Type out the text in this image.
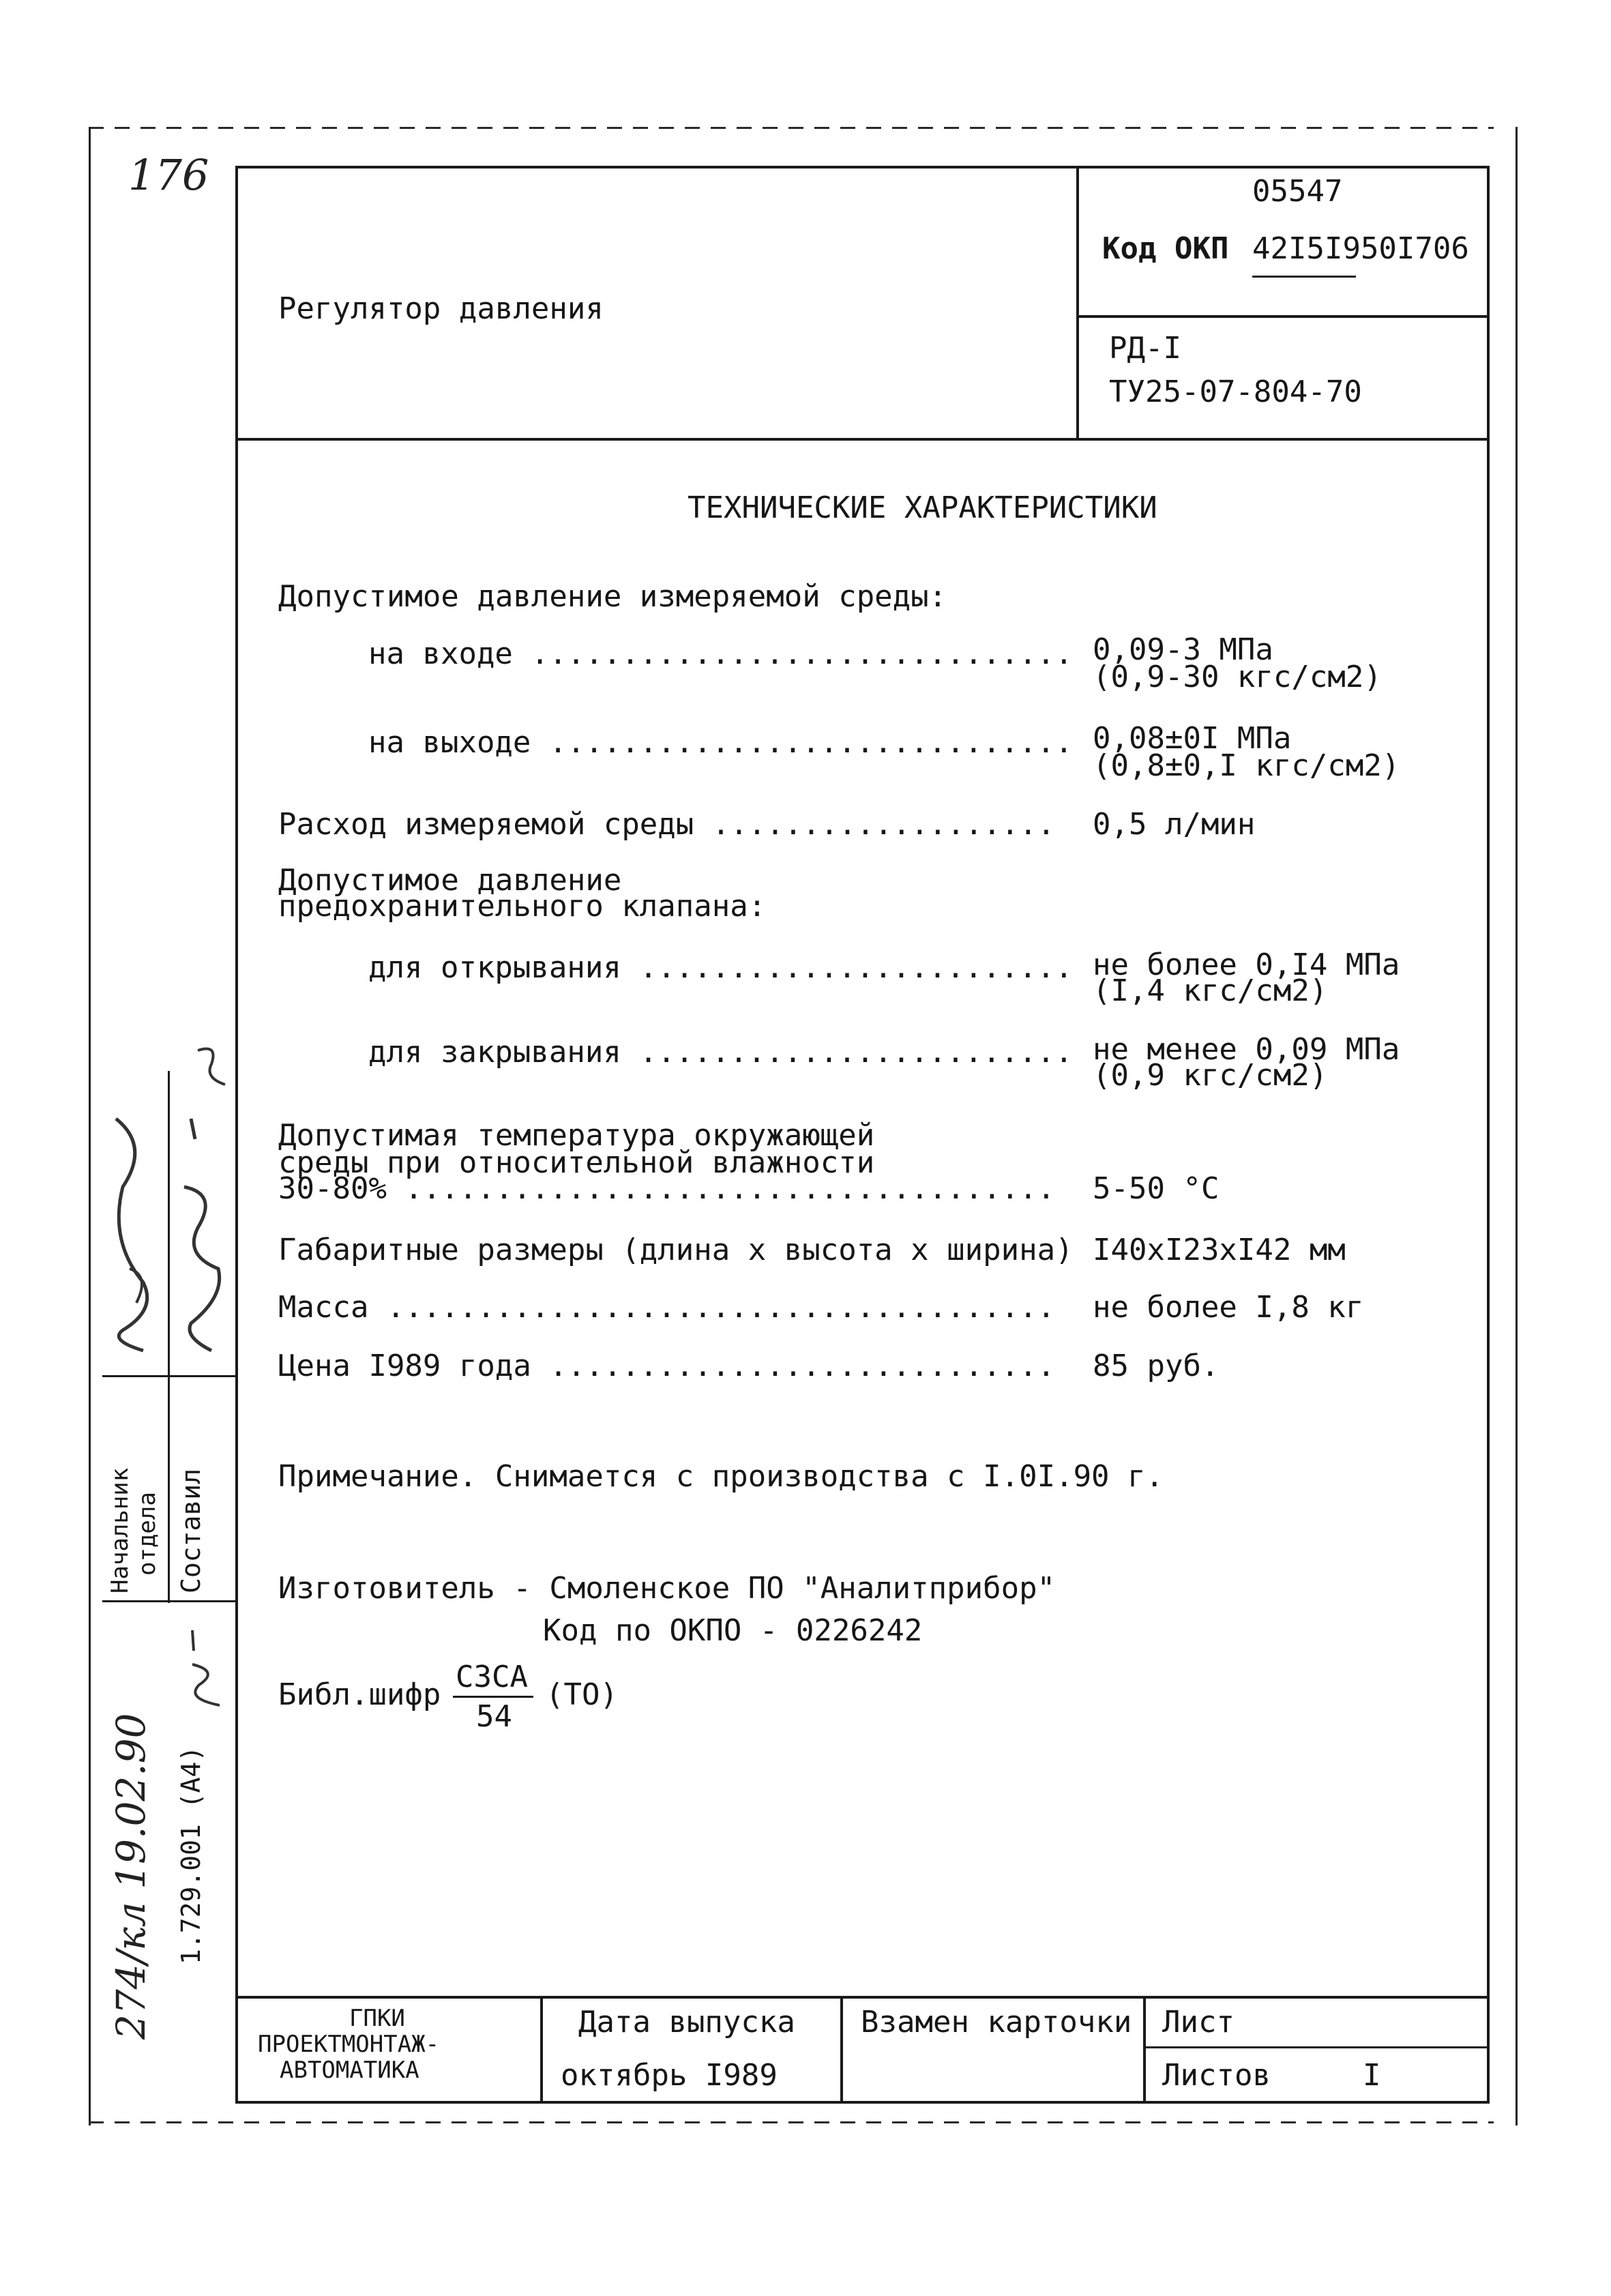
176
Регулятор давления
05547
Код ОКП 42I5I950I706
РД-I
ТУ25-07-804-70
ТЕХНИЧЕСКИЕ ХАРАКТЕРИСТИКИ
Допустимое давление измеряемой среды:
на входе .............................. 0,09-3 МПа
(0,9-30 кгс/см2)
на выходе ............................. 0,08±0I МПа
(0,8±0,I кгс/см2)
Расход измеряемой среды ................... 0,5 л/мин
Допустимое давление
предохранительного клапана:
для открывания ........................ не более 0,I4 МПа
(I,4 кгс/см2)
для закрывания ........................ не менее 0,09 МПа
(0,9 кгс/см2)
Допустимая температура окружающей
среды при относительной влажности
30-80% .................................... 5-50 °C
Габаритные размеры (длина х высота х ширина) I40xI23xI42 мм
Масса ..................................... не более I,8 кг
Цена I989 года ............................ 85 руб.
Примечание. Снимается с производства с I.0I.90 г.
Изготовитель - Смоленское ПО "Аналитприбор"
Код по ОКПО - 0226242
Библ.шифр
СЗСА
54
(ТО)
ГПКИ
ПРОЕКТМОНТАЖ-
АВТОМАТИКА
Дата выпуска
октябрь I989
Взамен карточки Лист
Листов	I
Начальник отдела Составил
1.729.001 (А4)
274/кл 19.02.90
